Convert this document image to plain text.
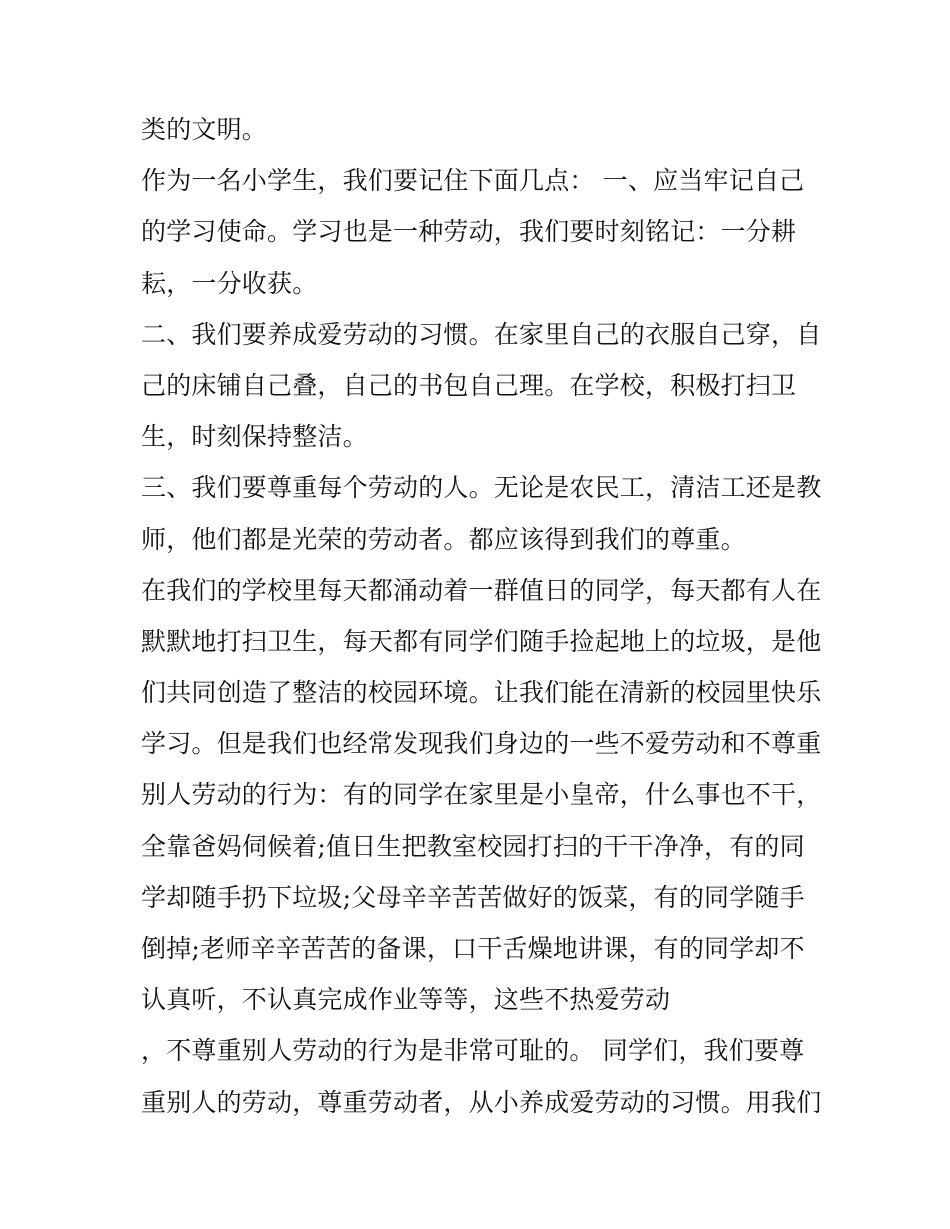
类的文明。
作为一名小学生，我们要记住下面几点： 一、应当牢记自己
的学习使命。学习也是一种劳动，我们要时刻铭记：一分耕
耘，一分收获。
二、我们要养成爱劳动的习惯。在家里自己的衣服自己穿，自
己的床铺自己叠，自己的书包自己理。在学校，积极打扫卫
生，时刻保持整洁。
三、我们要尊重每个劳动的人。无论是农民工，清洁工还是教
师，他们都是光荣的劳动者。都应该得到我们的尊重。
在我们的学校里每天都涌动着一群值日的同学，每天都有人在
默默地打扫卫生，每天都有同学们随手捡起地上的垃圾，是他
们共同创造了整洁的校园环境。让我们能在清新的校园里快乐
学习。但是我们也经常发现我们身边的一些不爱劳动和不尊重
别人劳动的行为：有的同学在家里是小皇帝，什么事也不干，
全靠爸妈伺候着;值日生把教室校园打扫的干干净净，有的同
学却随手扔下垃圾;父母辛辛苦苦做好的饭菜，有的同学随手
倒掉;老师辛辛苦苦的备课，口干舌燥地讲课，有的同学却不
认真听，不认真完成作业等等，这些不热爱劳动
，不尊重别人劳动的行为是非常可耻的。 同学们，我们要尊
重别人的劳动，尊重劳动者，从小养成爱劳动的习惯。用我们
